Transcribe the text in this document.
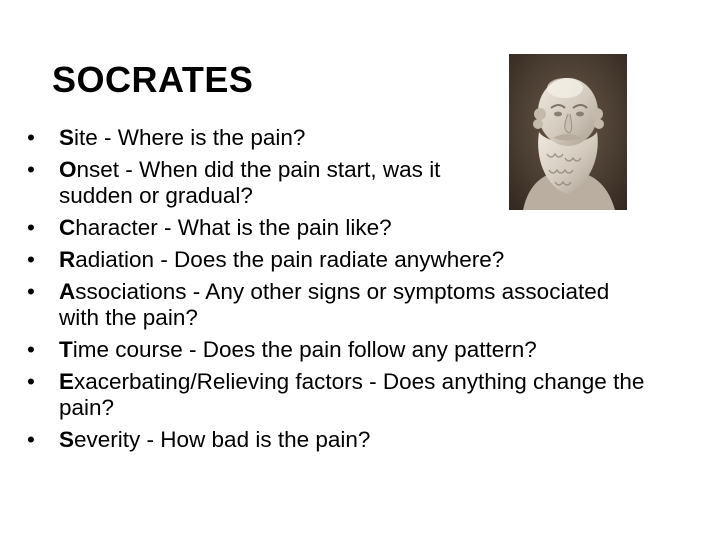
SOCRATES
•	Site - Where is the pain?
•	Onset - When did the pain start, was it sudden or gradual?
•	Character - What is the pain like?
•	Radiation - Does the pain radiate anywhere?
•	Associations - Any other signs or symptoms associated with the pain?
•	Time course - Does the pain follow any pattern?
•	Exacerbating/Relieving factors - Does anything change the pain?
•	Severity - How bad is the pain?
